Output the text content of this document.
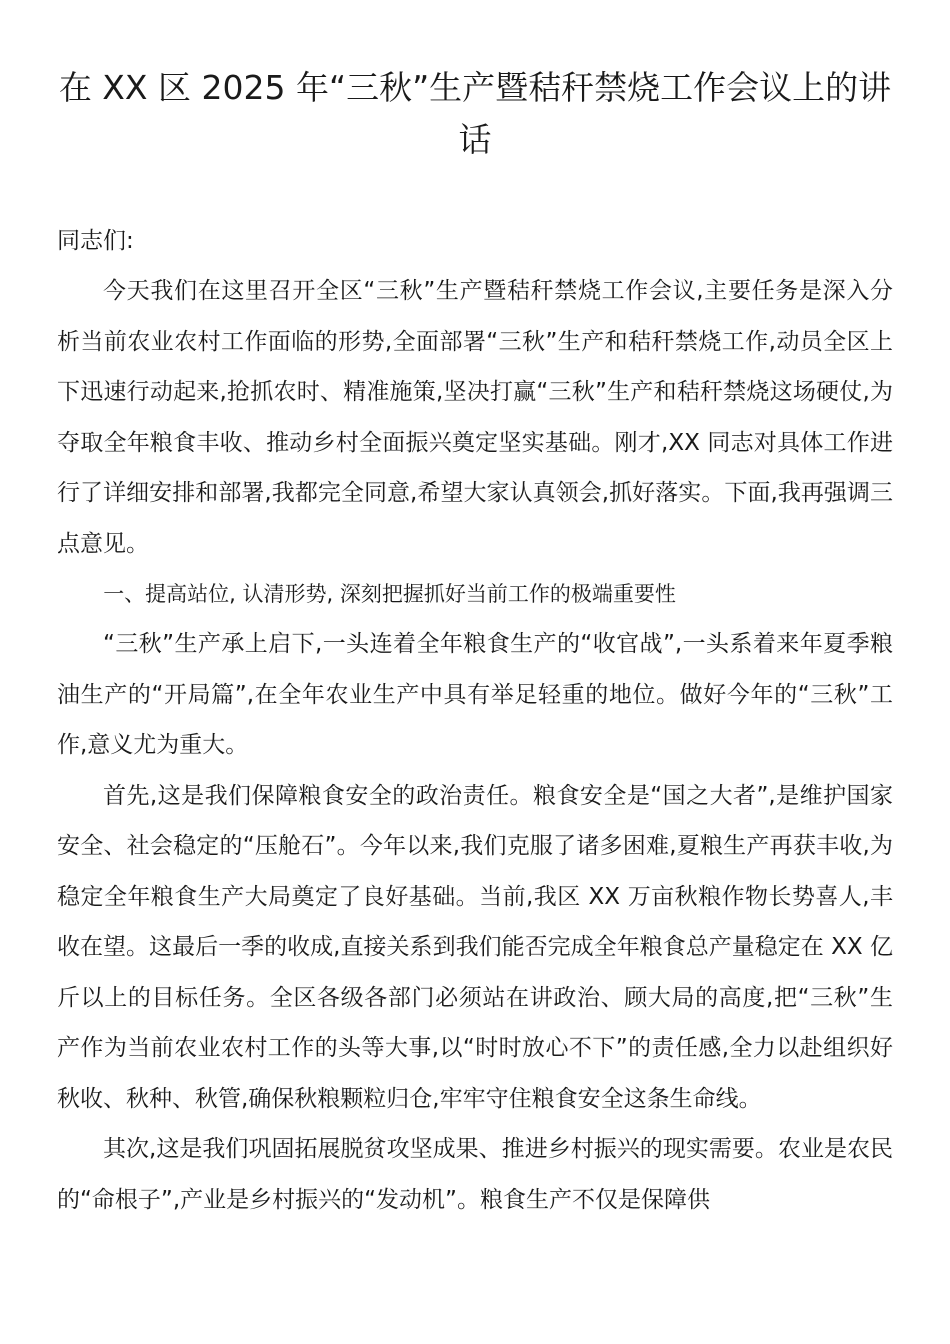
在 XX 区 2025 年“三秋”生产暨秸秆禁烧工作会议上的讲话

同志们:

今天我们在这里召开全区“三秋”生产暨秸秆禁烧工作会议,主要任务是深入分析当前农业农村工作面临的形势,全面部署“三秋”生产和秸秆禁烧工作,动员全区上下迅速行动起来,抢抓农时、精准施策,坚决打赢“三秋”生产和秸秆禁烧这场硬仗,为夺取全年粮食丰收、推动乡村全面振兴奠定坚实基础。刚才,XX 同志对具体工作进行了详细安排和部署,我都完全同意,希望大家认真领会,抓好落实。下面,我再强调三点意见。

一、提高站位, 认清形势, 深刻把握抓好当前工作的极端重要性

“三秋”生产承上启下,一头连着全年粮食生产的“收官战”,一头系着来年夏季粮油生产的“开局篇”,在全年农业生产中具有举足轻重的地位。做好今年的“三秋”工作,意义尤为重大。

首先,这是我们保障粮食安全的政治责任。粮食安全是“国之大者”,是维护国家安全、社会稳定的“压舱石”。今年以来,我们克服了诸多困难,夏粮生产再获丰收,为稳定全年粮食生产大局奠定了良好基础。当前,我区 XX 万亩秋粮作物长势喜人,丰收在望。这最后一季的收成,直接关系到我们能否完成全年粮食总产量稳定在 XX 亿斤以上的目标任务。全区各级各部门必须站在讲政治、顾大局的高度,把“三秋”生产作为当前农业农村工作的头等大事,以“时时放心不下”的责任感,全力以赴组织好秋收、秋种、秋管,确保秋粮颗粒归仓,牢牢守住粮食安全这条生命线。

其次,这是我们巩固拓展脱贫攻坚成果、推进乡村振兴的现实需要。农业是农民的“命根子”,产业是乡村振兴的“发动机”。粮食生产不仅是保障供
